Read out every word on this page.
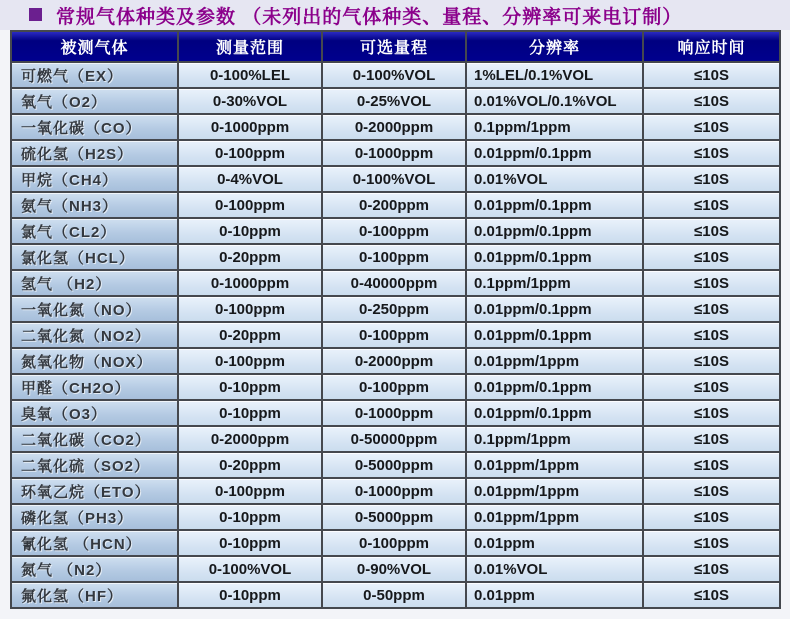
常规气体种类及参数 （未列出的气体种类、量程、分辨率可来电订制）
被测气体	测量范围	可选量程	分辨率	响应时间
可燃气（EX）	0-100%LEL	0-100%VOL	1%LEL/0.1%VOL	≤10S
氧气（O2）	0-30%VOL	0-25%VOL	0.01%VOL/0.1%VOL	≤10S
一氧化碳（CO）	0-1000ppm	0-2000ppm	0.1ppm/1ppm	≤10S
硫化氢（H2S）	0-100ppm	0-1000ppm	0.01ppm/0.1ppm	≤10S
甲烷（CH4）	0-4%VOL	0-100%VOL	0.01%VOL	≤10S
氨气（NH3）	0-100ppm	0-200ppm	0.01ppm/0.1ppm	≤10S
氯气（CL2）	0-10ppm	0-100ppm	0.01ppm/0.1ppm	≤10S
氯化氢（HCL）	0-20ppm	0-100ppm	0.01ppm/0.1ppm	≤10S
氢气 （H2）	0-1000ppm	0-40000ppm	0.1ppm/1ppm	≤10S
一氧化氮（NO）	0-100ppm	0-250ppm	0.01ppm/0.1ppm	≤10S
二氧化氮（NO2）	0-20ppm	0-100ppm	0.01ppm/0.1ppm	≤10S
氮氧化物（NOX）	0-100ppm	0-2000ppm	0.01ppm/1ppm	≤10S
甲醛（CH2O）	0-10ppm	0-100ppm	0.01ppm/0.1ppm	≤10S
臭氧（O3）	0-10ppm	0-1000ppm	0.01ppm/0.1ppm	≤10S
二氧化碳（CO2）	0-2000ppm	0-50000ppm	0.1ppm/1ppm	≤10S
二氧化硫（SO2）	0-20ppm	0-5000ppm	0.01ppm/1ppm	≤10S
环氧乙烷（ETO）	0-100ppm	0-1000ppm	0.01ppm/1ppm	≤10S
磷化氢（PH3）	0-10ppm	0-5000ppm	0.01ppm/1ppm	≤10S
氰化氢 （HCN）	0-10ppm	0-100ppm	0.01ppm	≤10S
氮气 （N2）	0-100%VOL	0-90%VOL	0.01%VOL	≤10S
氟化氢（HF）	0-10ppm	0-50ppm	0.01ppm	≤10S
